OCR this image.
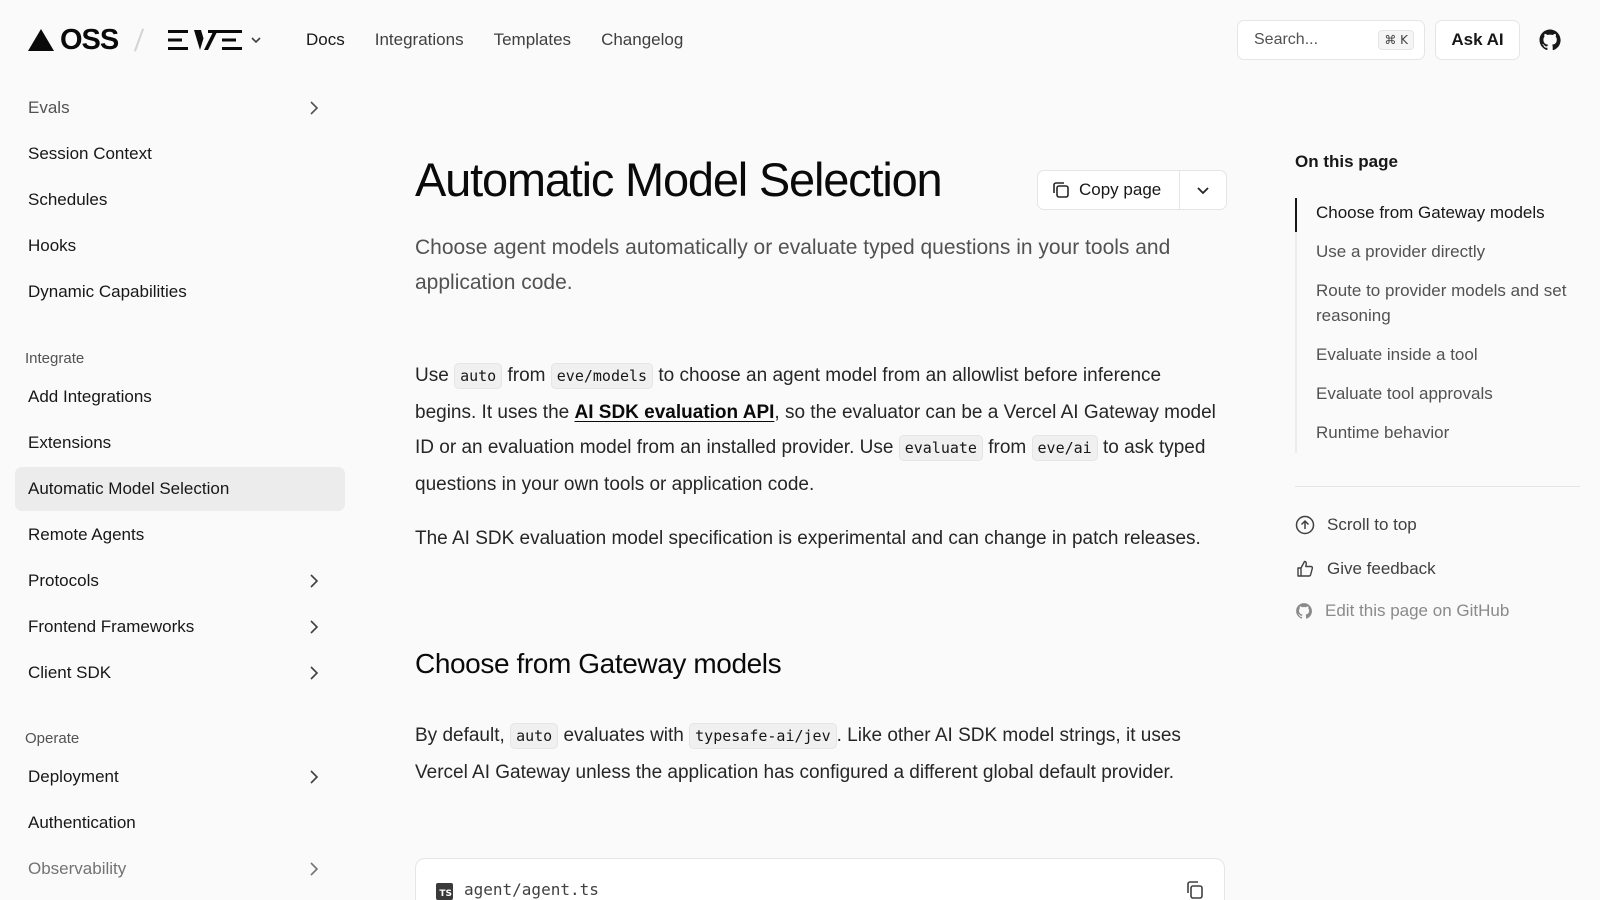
OSS	Docs Integrations Templates Changelog	Search...	⌘ K	Ask AI
Evals
Session Context
Schedules
Hooks
Dynamic Capabilities
Integrate
Add Integrations
Extensions
Automatic Model Selection
Remote Agents
Protocols
Frontend Frameworks
Client SDK
Operate
Deployment
Authentication
Observability
Automatic Model Selection	Copy page

Choose agent models automatically or evaluate typed questions in your tools and application code.

Use auto from eve/models to choose an agent model from an allowlist before inference begins. It uses the AI SDK evaluation API, so the evaluator can be a Vercel AI Gateway model ID or an evaluation model from an installed provider. Use evaluate from eve/ai to ask typed questions in your own tools or application code.

The AI SDK evaluation model specification is experimental and can change in patch releases.

Choose from Gateway models

By default, auto evaluates with typesafe-ai/jev . Like other AI SDK model strings, it uses Vercel AI Gateway unless the application has configured a different global default provider.

TS agent/agent.ts
On this page
Choose from Gateway models
Use a provider directly
Route to provider models and set reasoning
Evaluate inside a tool
Evaluate tool approvals
Runtime behavior
Scroll to top
Give feedback
Edit this page on GitHub
